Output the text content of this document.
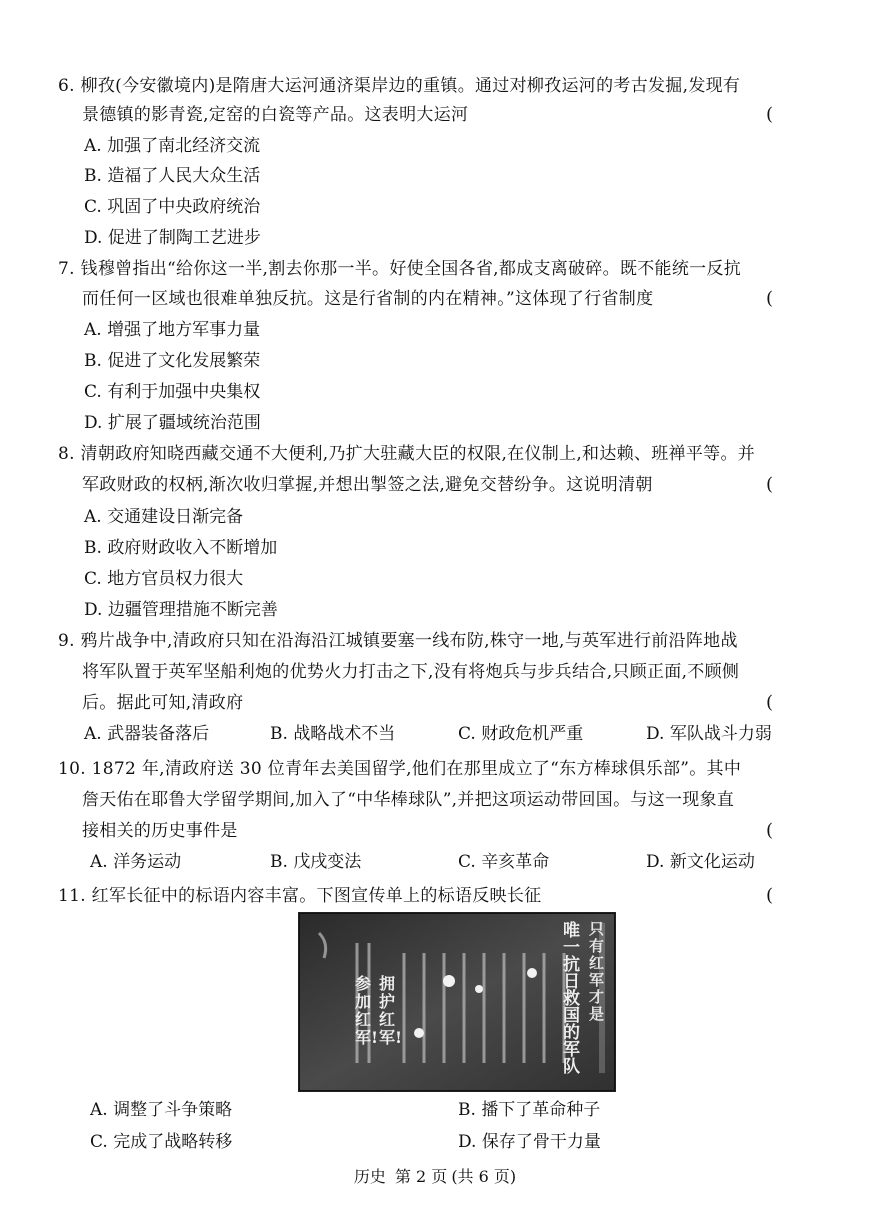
6. 柳孜(今安徽境内)是隋唐大运河通济渠岸边的重镇。通过对柳孜运河的考古发掘,发现有
景德镇的影青瓷,定窑的白瓷等产品。这表明大运河	(
A. 加强了南北经济交流
B. 造福了人民大众生活
C. 巩固了中央政府统治
D. 促进了制陶工艺进步
7. 钱穆曾指出“给你这一半,割去你那一半。好使全国各省,都成支离破碎。既不能统一反抗
而任何一区域也很难单独反抗。这是行省制的内在精神。”这体现了行省制度	(
A. 增强了地方军事力量
B. 促进了文化发展繁荣
C. 有利于加强中央集权
D. 扩展了疆域统治范围
8. 清朝政府知晓西藏交通不大便利,乃扩大驻藏大臣的权限,在仪制上,和达赖、班禅平等。并
军政财政的权柄,渐次收归掌握,并想出掣签之法,避免交替纷争。这说明清朝	(
A. 交通建设日渐完备
B. 政府财政收入不断增加
C. 地方官员权力很大
D. 边疆管理措施不断完善
9. 鸦片战争中,清政府只知在沿海沿江城镇要塞一线布防,株守一地,与英军进行前沿阵地战
将军队置于英军坚船利炮的优势火力打击之下,没有将炮兵与步兵结合,只顾正面,不顾侧
后。据此可知,清政府	(
A. 武器装备落后	B. 战略战术不当	C. 财政危机严重	D. 军队战斗力弱
10. 1872 年,清政府送 30 位青年去美国留学,他们在那里成立了“东方棒球俱乐部”。其中
詹天佑在耶鲁大学留学期间,加入了“中华棒球队”,并把这项运动带回国。与这一现象直
接相关的历史事件是	(
A. 洋务运动	B. 戊戌变法	C. 辛亥革命	D. 新文化运动
11. 红军长征中的标语内容丰富。下图宣传单上的标语反映长征	(
只有红军才是
唯一抗日救国的军队
拥护红军!
参加红军!
A. 调整了斗争策略	B. 播下了革命种子
C. 完成了战略转移	D. 保存了骨干力量
历史 第 2 页 (共 6 页)
